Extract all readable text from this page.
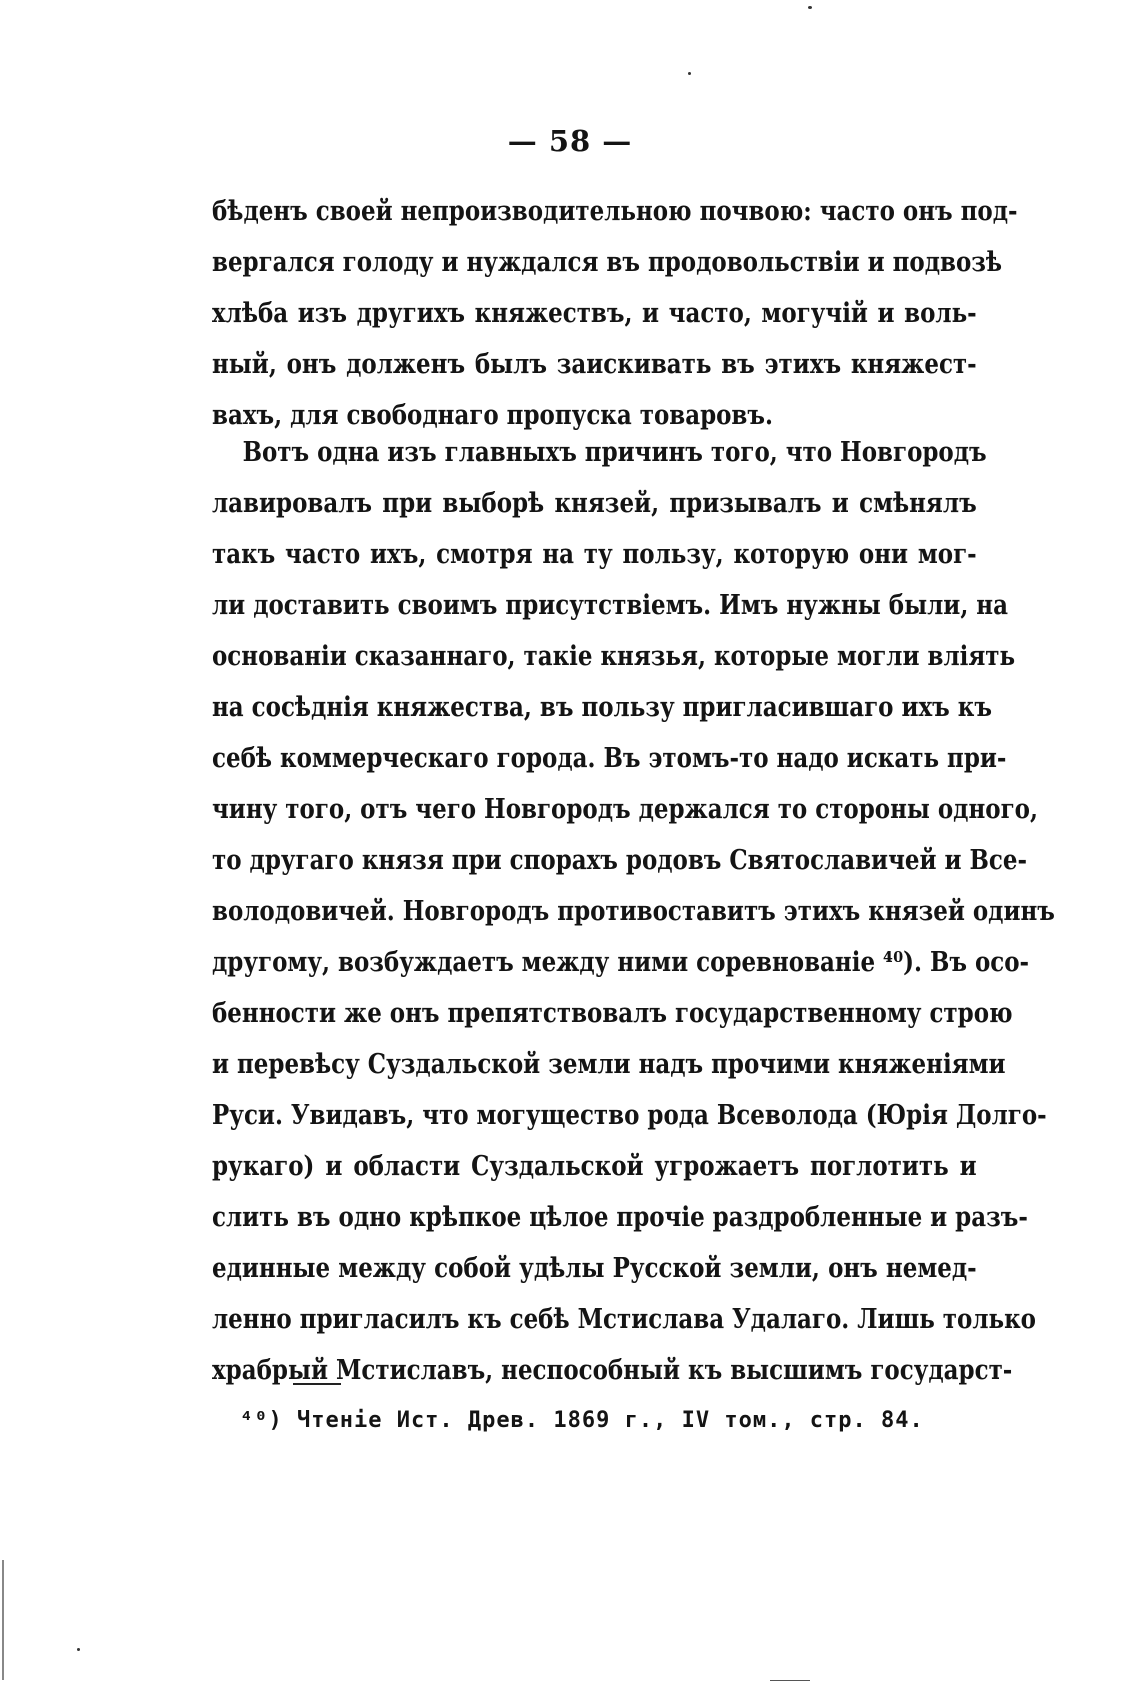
— 58 —
бѣденъ своей непроизводительною почвою: часто онъ под-
вергался голоду и нуждался въ продовольствіи и подвозѣ
хлѣба изъ другихъ княжествъ, и часто, могучій и воль-
ный, онъ долженъ былъ заискивать въ этихъ княжест-
вахъ, для свободнаго пропуска товаровъ.
Вотъ одна изъ главныхъ причинъ того, что Новгородъ
лавировалъ при выборѣ князей, призывалъ и смѣнялъ
такъ часто ихъ, смотря на ту пользу, которую они мог-
ли доставить своимъ присутствіемъ. Имъ нужны были, на
основаніи сказаннаго, такіе князья, которые могли влiять
на сосѣднія княжества, въ пользу пригласившаго ихъ къ
себѣ коммерческаго города. Въ этомъ-то надо искать при-
чину того, отъ чего Новгородъ держался то стороны одного,
то другаго князя при спорахъ родовъ Святославичей и Все-
володовичей. Новгородъ противоставитъ этихъ князей одинъ
другому, возбуждаетъ между ними соревнованіе ⁴⁰). Въ осо-
бенности же онъ препятствовалъ государственному строю
и перевѣсу Суздальской земли надъ прочими княженіями
Руси. Увидавъ, что могущество рода Всеволода (Юрія Долго-
рукаго) и области Суздальской угрожаетъ поглотить и
слить въ одно крѣпкое цѣлое прочіе раздробленные и разъ-
единные между собой удѣлы Русской земли, онъ немед-
ленно пригласилъ къ себѣ Мстислава Удалаго. Лишь только
храбрый Мстиславъ, неспособный къ высшимъ государст-
⁴⁰) Чтеніе Ист. Древ. 1869 г., IV том., стр. 84.
